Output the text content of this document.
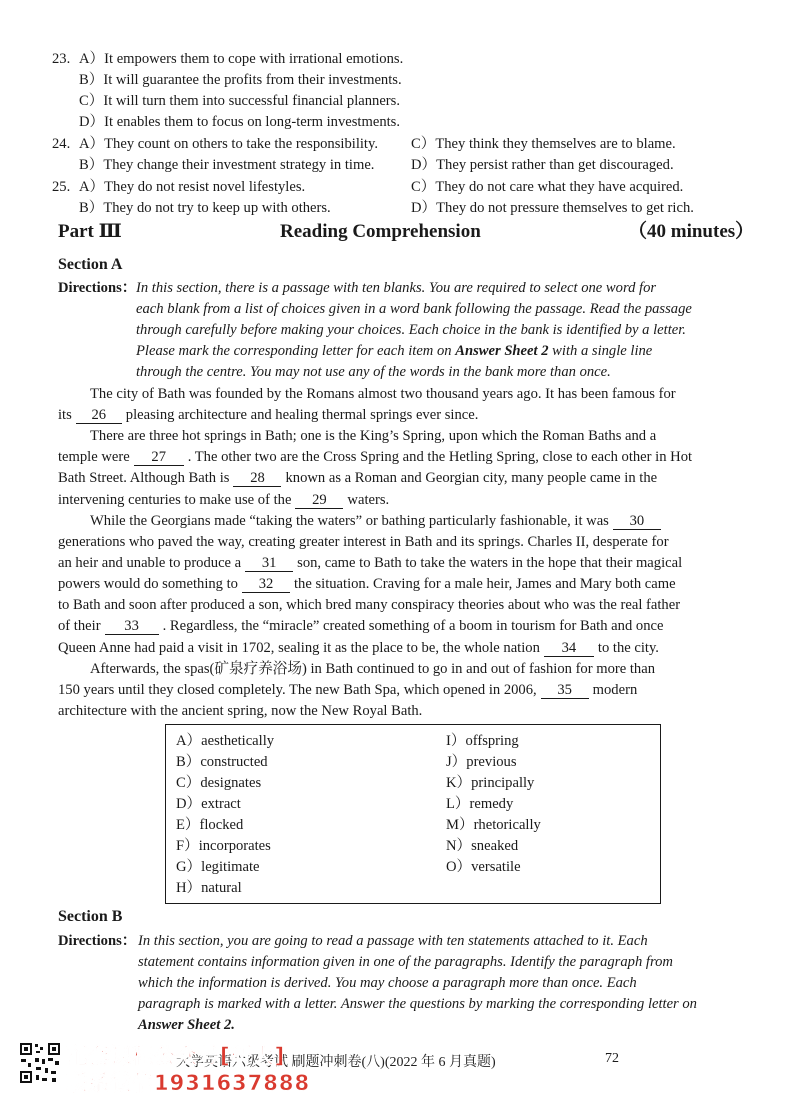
23. A）It empowers them to cope with irrational emotions.
B）It will guarantee the profits from their investments.
C）It will turn them into successful financial planners.
D）It enables them to focus on long-term investments.
24. A）They count on others to take the responsibility. C）They think they themselves are to blame.
B）They change their investment strategy in time.	D）They persist rather than get discouraged.
25. A）They do not resist novel lifestyles.	C）They do not care what they have acquired.
B）They do not try to keep up with others.	D）They do not pressure themselves to get rich.
Part Ⅲ	Reading Comprehension	（40 minutes）
Section A
Directions： In this section, there is a passage with ten blanks. You are required to select one word for
each blank from a list of choices given in a word bank following the passage. Read the passage
through carefully before making your choices. Each choice in the bank is identified by a letter.
Please mark the corresponding letter for each item on Answer Sheet 2 with a single line
through the centre. You may not use any of the words in the bank more than once.
The city of Bath was founded by the Romans almost two thousand years ago. It has been famous for
its 26 pleasing architecture and healing thermal springs ever since.
There are three hot springs in Bath; one is the King’s Spring, upon which the Roman Baths and a
temple were 27 . The other two are the Cross Spring and the Hetling Spring, close to each other in Hot
Bath Street. Although Bath is 28 known as a Roman and Georgian city, many people came in the
intervening centuries to make use of the 29 waters.
While the Georgians made “taking the waters” or bathing particularly fashionable, it was 30
generations who paved the way, creating greater interest in Bath and its springs. Charles II, desperate for
an heir and unable to produce a 31 son, came to Bath to take the waters in the hope that their magical
powers would do something to 32 the situation. Craving for a male heir, James and Mary both came
to Bath and soon after produced a son, which bred many conspiracy theories about who was the real father
of their 33 . Regardless, the “miracle” created something of a boom in tourism for Bath and once
Queen Anne had paid a visit in 1702, sealing it as the place to be, the whole nation 34 to the city.
Afterwards, the spas(矿泉疗养浴场) in Bath continued to go in and out of fashion for more than
150 years until they closed completely. The new Bath Spa, which opened in 2006, 35 modern
architecture with the ancient spring, now the New Royal Bath.
A）aesthetically
B）constructed
C）designates
D）extract
E）flocked
F）incorporates
G）legitimate
H）natural
I）offspring
J）previous
K）principally
L）remedy
M）rhetorically
N）sneaked
O）versatile
Section B
Directions： In this section, you are going to read a passage with ten statements attached to it. Each
statement contains information given in one of the paragraphs. Identify the paragraph from
which the information is derived. You may choose a paragraph more than once. Each
paragraph is marked with a letter. Answer the questions by marking the corresponding letter on
Answer Sheet 2.
大学英语六级考试 刷题冲刺卷(八)(2022 年 6 月真题)	72
配套课程公众号[研大]
联系微信1931637888
